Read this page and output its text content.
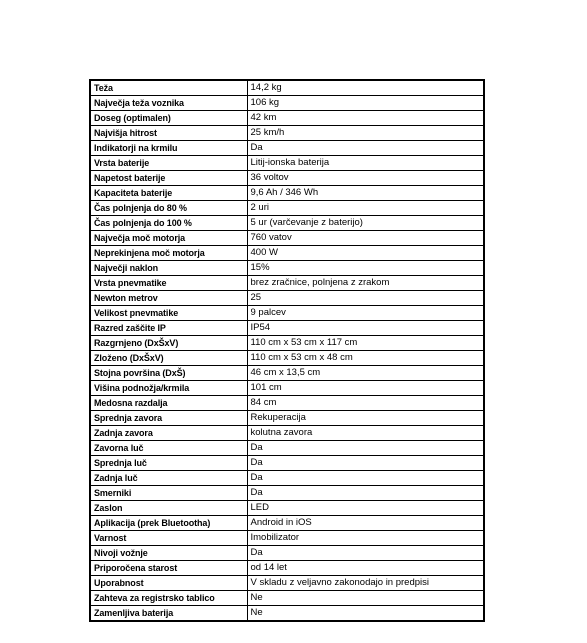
Teža	14,2 kg
Največja teža voznika	106 kg
Doseg (optimalen)	42 km
Najvišja hitrost	25 km/h
Indikatorji na krmilu	Da
Vrsta baterije	Litij-ionska baterija
Napetost baterije	36 voltov
Kapaciteta baterije	9,6 Ah / 346 Wh
Čas polnjenja do 80 %	2 uri
Čas polnjenja do 100 %	5 ur (varčevanje z baterijo)
Največja moč motorja	760 vatov
Neprekinjena moč motorja	400 W
Največji naklon	15%
Vrsta pnevmatike	brez zračnice, polnjena z zrakom
Newton metrov	25
Velikost pnevmatike	9 palcev
Razred zaščite IP	IP54
Razgrnjeno (DxŠxV)	110 cm x 53 cm x 117 cm
Zloženo (DxŠxV)	110 cm x 53 cm x 48 cm
Stojna površina (DxŠ)	46 cm x 13,5 cm
Višina podnožja/krmila	101 cm
Medosna razdalja	84 cm
Sprednja zavora	Rekuperacija
Zadnja zavora	kolutna zavora
Zavorna luč	Da
Sprednja luč	Da
Zadnja luč	Da
Smerniki	Da
Zaslon	LED
Aplikacija (prek Bluetootha)	Android in iOS
Varnost	Imobilizator
Nivoji vožnje	Da
Priporočena starost	od 14 let
Uporabnost	V skladu z veljavno zakonodajo in predpisi
Zahteva za registrsko tablico	Ne
Zamenljiva baterija	Ne
